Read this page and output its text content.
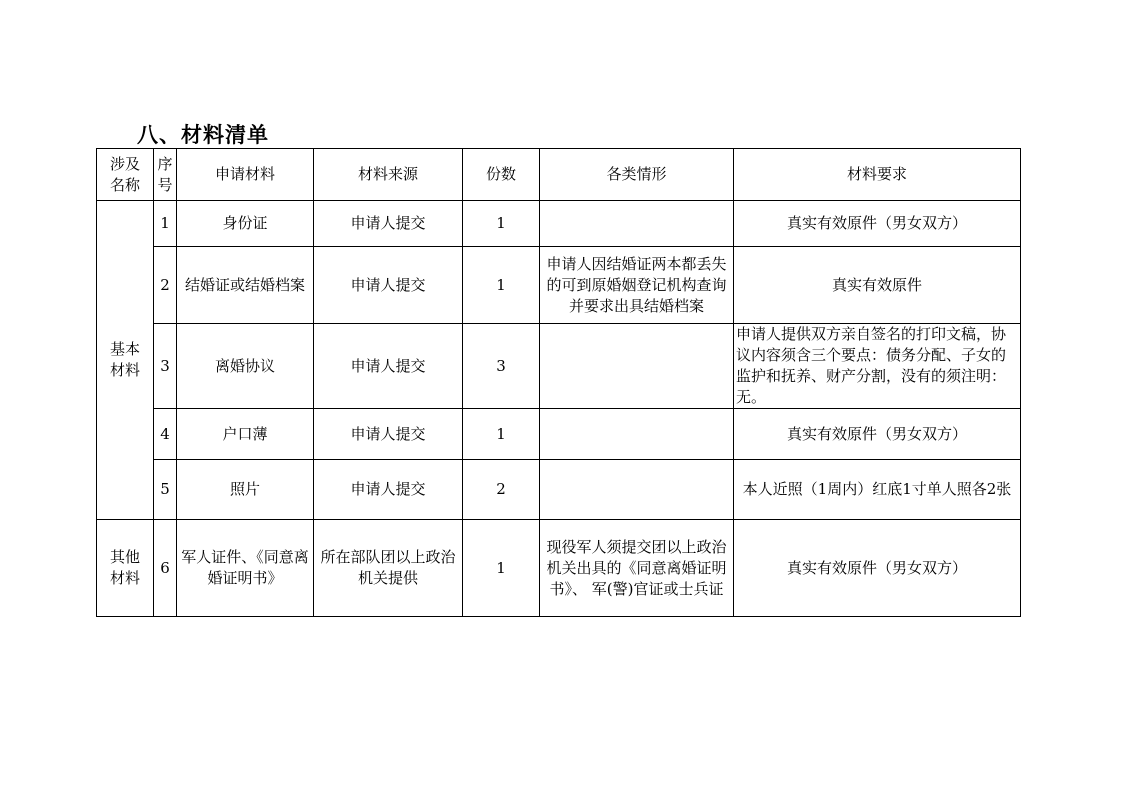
八、材料清单
涉及名称	序号	申请材料	材料来源	份数	各类情形	材料要求

基本材料	1	身份证	申请人提交	1		真实有效原件（男女双方）
	2	结婚证或结婚档案	申请人提交	1	申请人因结婚证两本都丢失的可到原婚姻登记机构查询并要求出具结婚档案	真实有效原件
	3	离婚协议	申请人提交	3		申请人提供双方亲自签名的打印文稿，协议内容须含三个要点：债务分配、子女的监护和抚养、财产分割，没有的须注明：无。
	4	户口薄	申请人提交	1		真实有效原件（男女双方）
	5	照片	申请人提交	2		本人近照（1周内）红底1寸单人照各2张

其他材料	6	军人证件、《同意离婚证明书》	所在部队团以上政治机关提供	1	现役军人须提交团以上政治机关出具的《同意离婚证明书》、 军(警)官证或士兵证	真实有效原件（男女双方）
